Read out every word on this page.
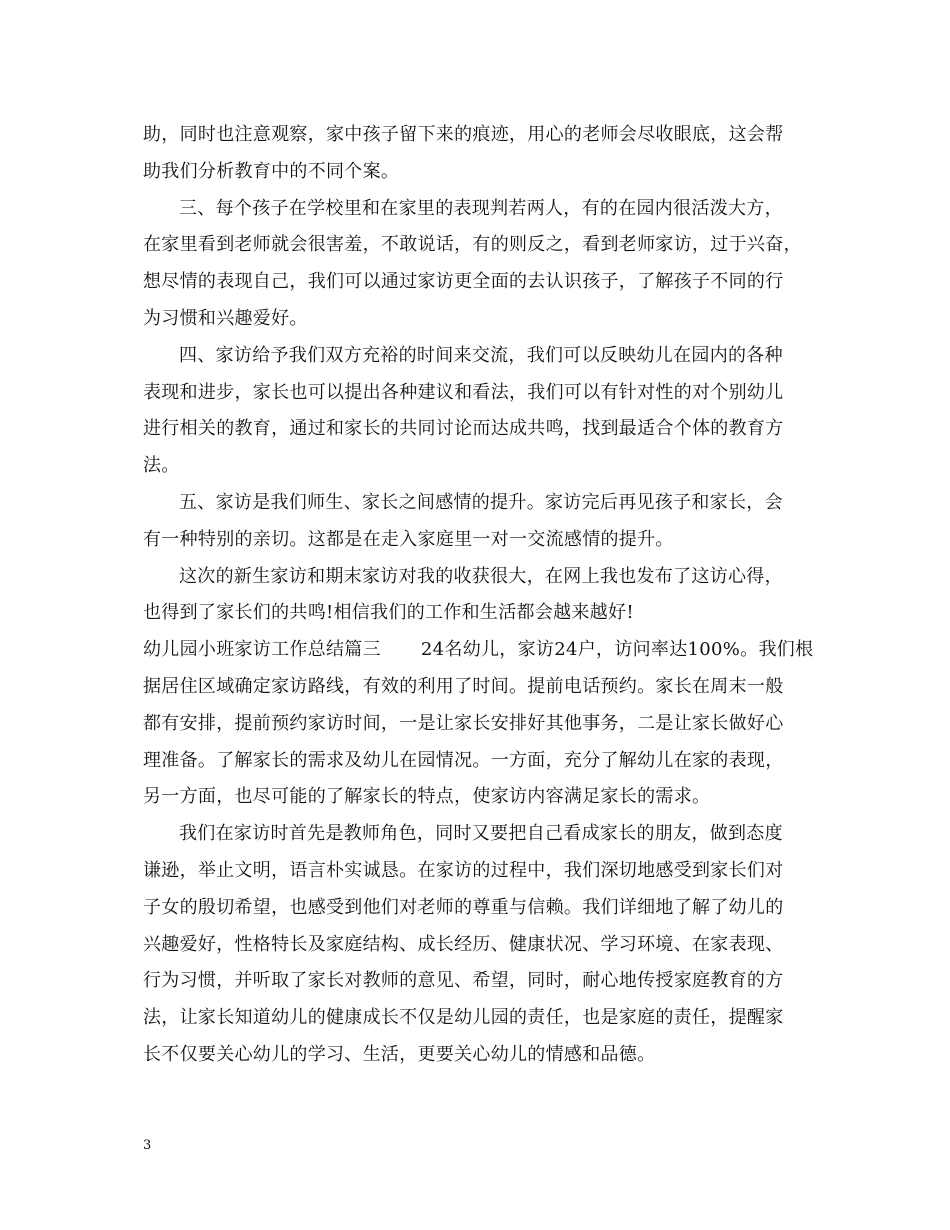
助，同时也注意观察，家中孩子留下来的痕迹，用心的老师会尽收眼底，这会帮
助我们分析教育中的不同个案。
三、每个孩子在学校里和在家里的表现判若两人，有的在园内很活泼大方，
在家里看到老师就会很害羞，不敢说话，有的则反之，看到老师家访，过于兴奋，
想尽情的表现自己，我们可以通过家访更全面的去认识孩子，了解孩子不同的行
为习惯和兴趣爱好。
四、家访给予我们双方充裕的时间来交流，我们可以反映幼儿在园内的各种
表现和进步，家长也可以提出各种建议和看法，我们可以有针对性的对个别幼儿
进行相关的教育，通过和家长的共同讨论而达成共鸣，找到最适合个体的教育方
法。
五、家访是我们师生、家长之间感情的提升。家访完后再见孩子和家长，会
有一种特别的亲切。这都是在走入家庭里一对一交流感情的提升。
这次的新生家访和期末家访对我的收获很大，在网上我也发布了这访心得，
也得到了家长们的共鸣!相信我们的工作和生活都会越来越好!
幼儿园小班家访工作总结篇三 24名幼儿，家访24户，访问率达100%。我们根
据居住区域确定家访路线，有效的利用了时间。提前电话预约。家长在周末一般
都有安排，提前预约家访时间，一是让家长安排好其他事务，二是让家长做好心
理准备。了解家长的需求及幼儿在园情况。一方面，充分了解幼儿在家的表现，
另一方面，也尽可能的了解家长的特点，使家访内容满足家长的需求。
我们在家访时首先是教师角色，同时又要把自己看成家长的朋友，做到态度
谦逊，举止文明，语言朴实诚恳。在家访的过程中，我们深切地感受到家长们对
子女的殷切希望，也感受到他们对老师的尊重与信赖。我们详细地了解了幼儿的
兴趣爱好，性格特长及家庭结构、成长经历、健康状况、学习环境、在家表现、
行为习惯，并听取了家长对教师的意见、希望，同时，耐心地传授家庭教育的方
法，让家长知道幼儿的健康成长不仅是幼儿园的责任，也是家庭的责任，提醒家
长不仅要关心幼儿的学习、生活，更要关心幼儿的情感和品德。
3
